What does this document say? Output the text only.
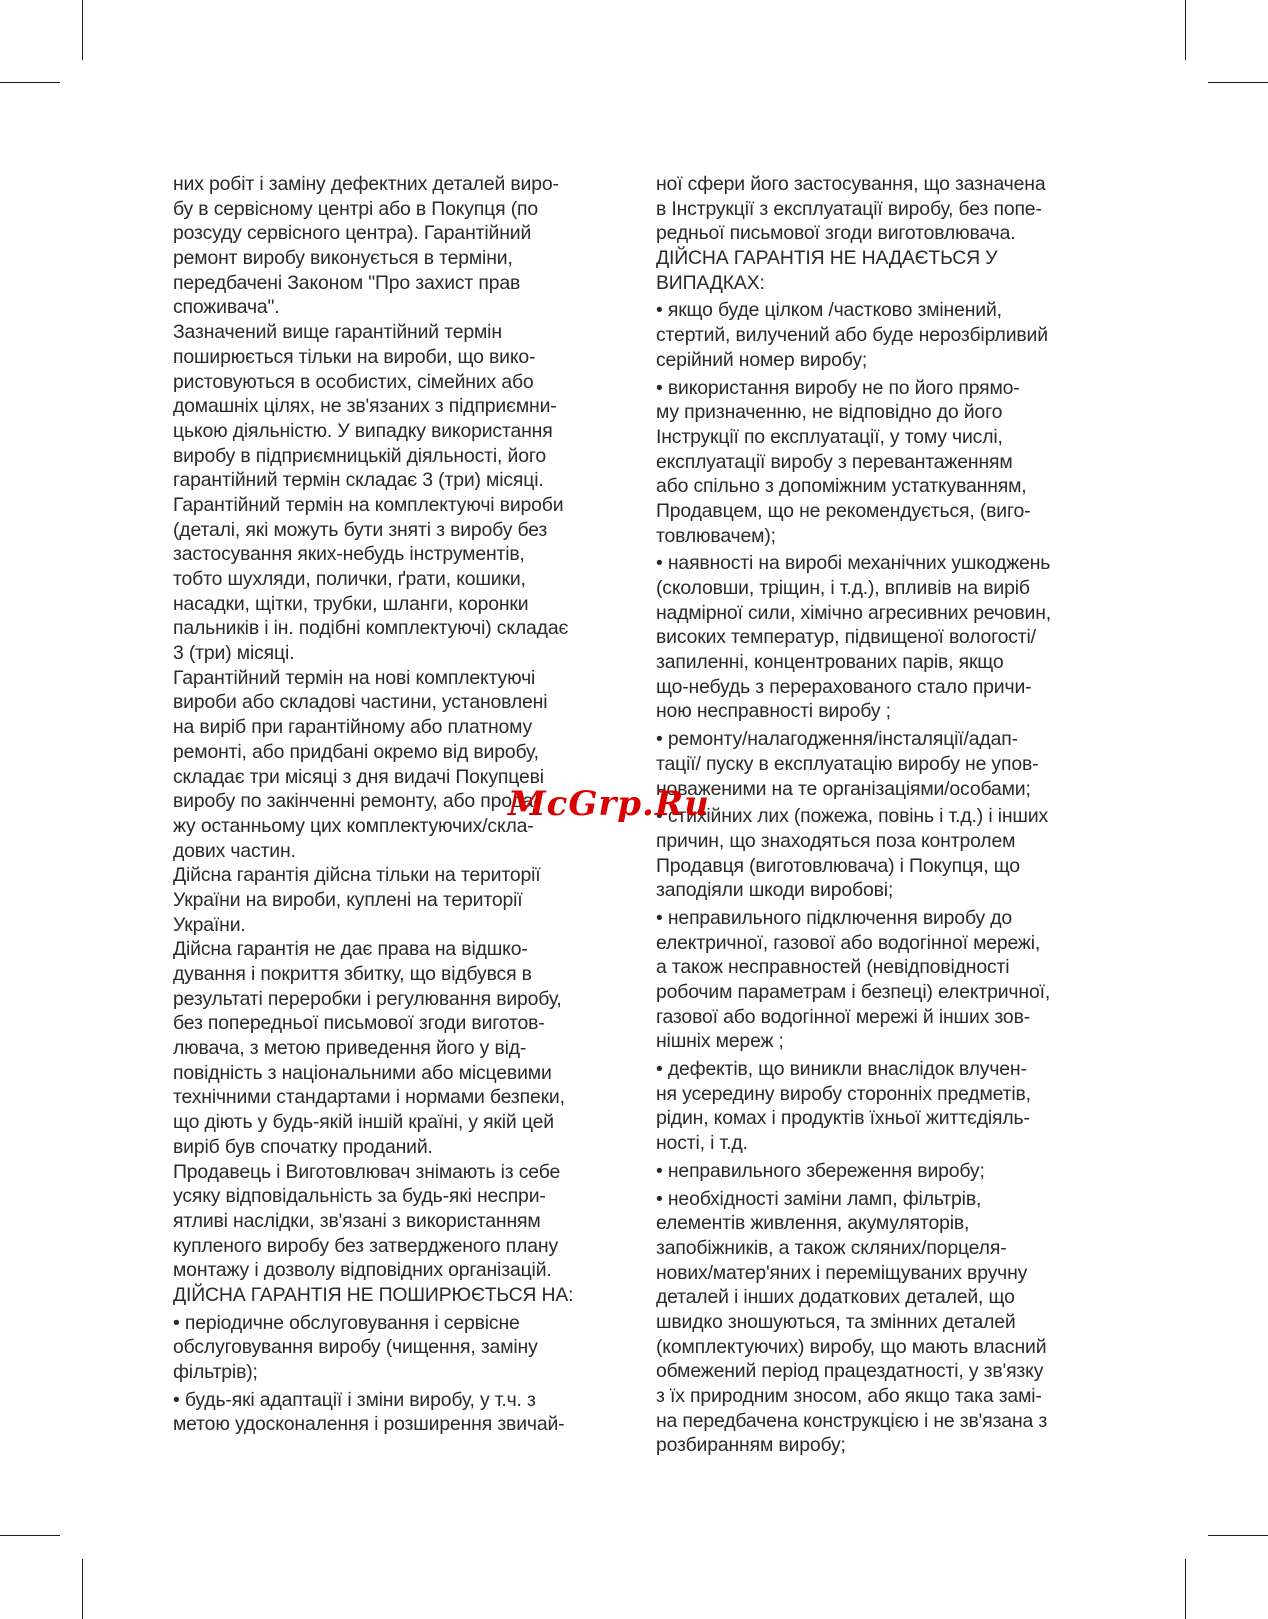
них робіт і заміну дефектних деталей виро-
бу в сервісному центрі або в Покупця (по
розсуду сервісного центра). Гарантійний
ремонт виробу виконується в терміни,
передбачені Законом "Про захист прав
споживача".
Зазначений вище гарантійний термін
поширюється тільки на вироби, що вико-
ристовуються в особистих, сімейних або
домашніх цілях, не зв'язаних з підприємни-
цькою діяльністю. У випадку використання
виробу в підприємницькій діяльності, його
гарантійний термін складає 3 (три) місяці.
Гарантійний термін на комплектуючі вироби
(деталі, які можуть бути зняті з виробу без
застосування яких-небудь інструментів,
тобто шухляди, полички, ґрати, кошики,
насадки, щітки, трубки, шланги, коронки
пальників і ін. подібні комплектуючі) складає
3 (три) місяці.
Гарантійний термін на нові комплектуючі
вироби або складові частини, установлені
на виріб при гарантійному або платному
ремонті, або придбані окремо від виробу,
складає три місяці з дня видачі Покупцеві
виробу по закінченні ремонту, або прода-
жу останньому цих комплектуючих/скла-
дових частин.
Дійсна гарантія дійсна тільки на території
України на вироби, куплені на території
України.
Дійсна гарантія не дає права на відшко-
дування і покриття збитку, що відбувся в
результаті переробки і регулювання виробу,
без попередньої письмової згоди виготов-
лювача, з метою приведення його у від-
повідність з національними або місцевими
технічними стандартами і нормами безпеки,
що діють у будь-якій іншій країні, у якій цей
виріб був спочатку проданий.
Продавець і Виготовлювач знімають із себе
усяку відповідальність за будь-які неспри-
ятливі наслідки, зв'язані з використанням
купленого виробу без затвердженого плану
монтажу і дозволу відповідних організацій.
ДІЙСНА ГАРАНТІЯ НЕ ПОШИРЮЄТЬСЯ НА:
• періодичне обслуговування і сервісне
обслуговування виробу (чищення, заміну
фільтрів);
• будь-які адаптації і зміни виробу, у т.ч. з
метою удосконалення і розширення звичай-
ної сфери його застосування, що зазначена
в Інструкції з експлуатації виробу, без попе-
редньої письмової згоди виготовлювача.
ДІЙСНА ГАРАНТІЯ НЕ НАДАЄТЬСЯ У
ВИПАДКАХ:
• якщо буде цілком /частково змінений,
стертий, вилучений або буде нерозбірливий
серійний номер виробу;
• використання виробу не по його прямо-
му призначенню, не відповідно до його
Інструкції по експлуатації, у тому числі,
експлуатації виробу з перевантаженням
або спільно з допоміжним устаткуванням,
Продавцем, що не рекомендується, (виго-
товлювачем);
• наявності на виробі механічних ушкоджень
(сколовши, тріщин, і т.д.), впливів на виріб
надмірної сили, хімічно агресивних речовин,
високих температур, підвищеної вологості/
запиленні, концентрованих парів, якщо
що-небудь з перерахованого стало причи-
ною несправності виробу ;
• ремонту/налагодження/інсталяції/адап-
тації/ пуску в експлуатацію виробу не упов-
новаженими на те організаціями/особами;
• стихійних лих (пожежа, повінь і т.д.) і інших
причин, що знаходяться поза контролем
Продавця (виготовлювача) і Покупця, що
заподіяли шкоди виробові;
• неправильного підключення виробу до
електричної, газової або водогінної мережі,
а також несправностей (невідповідності
робочим параметрам і безпеці) електричної,
газової або водогінної мережі й інших зов-
нішніх мереж ;
• дефектів, що виникли внаслідок влучен-
ня усередину виробу сторонніх предметів,
рідин, комах і продуктів їхньої життєдіяль-
ності, і т.д.
• неправильного збереження виробу;
• необхідності заміни ламп, фільтрів,
елементів живлення, акумуляторів,
запобіжників, а також скляних/порцеля-
нових/матер'яних і переміщуваних вручну
деталей і інших додаткових деталей, що
швидко зношуються, та змінних деталей
(комплектуючих) виробу, що мають власний
обмежений період працездатності, у зв'язку
з їх природним зносом, або якщо така замі-
на передбачена конструкцією і не зв'язана з
розбиранням виробу;
McGrp.Ru
